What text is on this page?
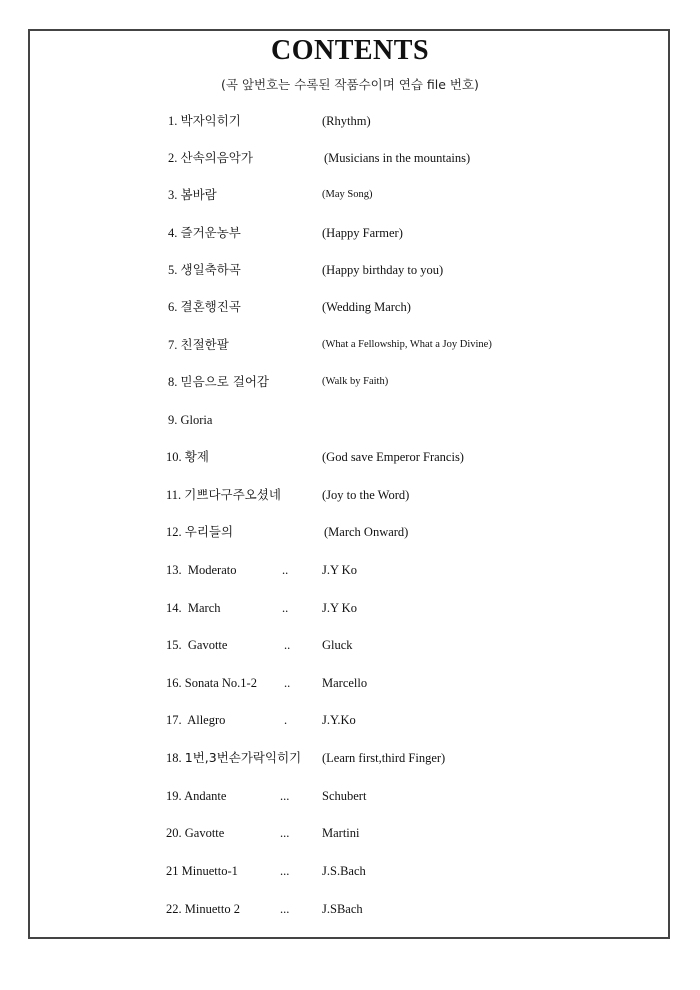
CONTENTS
(곡 앞번호는 수록된 작품수이며 연습 file 번호)
1. 박자익히기	(Rhythm)
2. 산속의음악가	(Musicians in the mountains)
3. 봄바람	(May Song)
4. 즐거운농부	(Happy Farmer)
5. 생일축하곡	(Happy birthday to you)
6. 결혼행진곡	(Wedding March)
7. 친절한팔	(What a Fellowship, What a Joy Divine)
8. 믿음으로 걸어감	(Walk by Faith)
9. Gloria
10. 황제	(God save Emperor Francis)
11. 기쁘다구주오셨네	(Joy to the Word)
12. 우리들의	(March Onward)
13. Moderato	..	J.Y Ko
14. March	..	J.Y Ko
15. Gavotte	..	Gluck
16. Sonata No.1-2 ..	Marcello
17. Allegro	.	J.Y.Ko
18. 1번,3번손가락익히기 (Learn first,third Finger)
19. Andante	...	Schubert
20. Gavotte	...	Martini
21 Minuetto-1	...	J.S.Bach
22. Minuetto 2	...	J.SBach
